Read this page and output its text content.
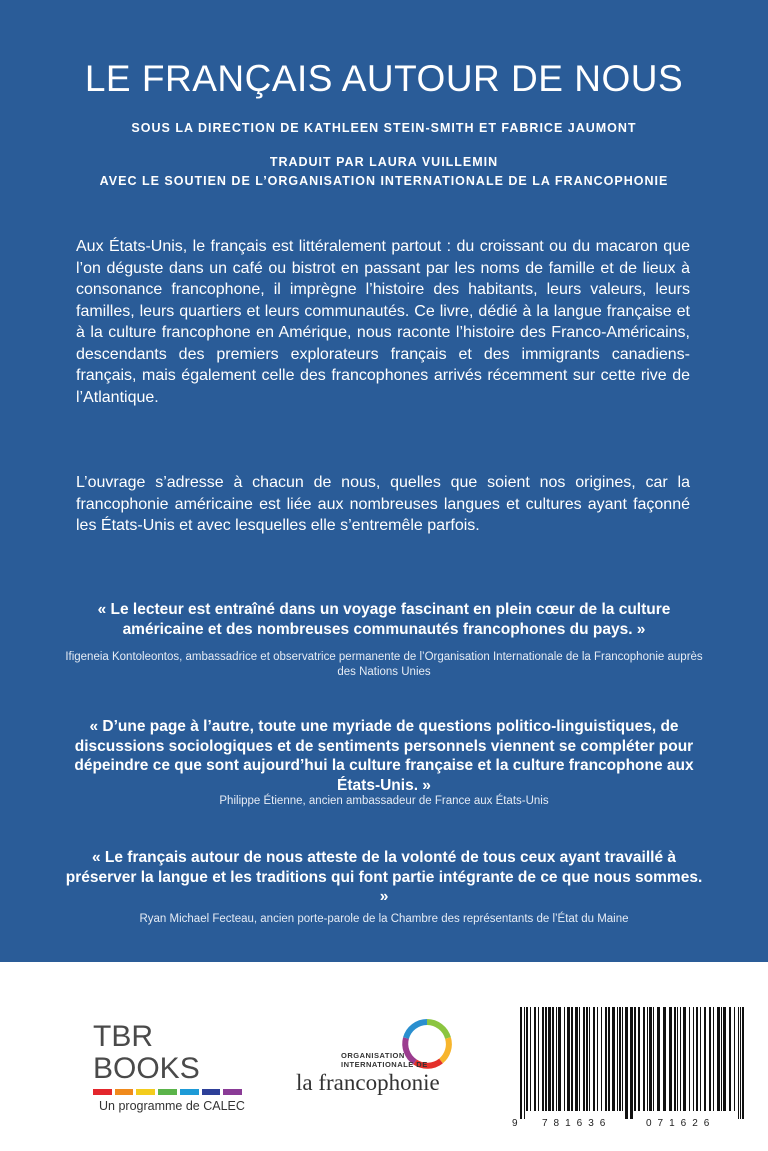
LE FRANÇAIS AUTOUR DE NOUS
SOUS LA DIRECTION DE KATHLEEN STEIN-SMITH ET FABRICE JAUMONT
TRADUIT PAR LAURA VUILLEMIN
AVEC LE SOUTIEN DE L’ORGANISATION INTERNATIONALE DE LA FRANCOPHONIE
Aux États-Unis, le français est littéralement partout : du croissant ou du macaron que l’on déguste dans un café ou bistrot en passant par les noms de famille et de lieux à consonance francophone, il imprègne l’histoire des habitants, leurs valeurs, leurs familles, leurs quartiers et leurs communautés. Ce livre, dédié à la langue française et à la culture francophone en Amérique, nous raconte l’histoire des Franco-Américains, descendants des premiers explorateurs français et des immigrants canadiens-français, mais également celle des francophones arrivés récemment sur cette rive de l’Atlantique.
L’ouvrage s’adresse à chacun de nous, quelles que soient nos origines, car la francophonie américaine est liée aux nombreuses langues et cultures ayant façonné les États-Unis et avec lesquelles elle s’entremêle parfois.
« Le lecteur est entraîné dans un voyage fascinant en plein cœur de la culture américaine et des nombreuses communautés francophones du pays. »
Ifigeneia Kontoleontos, ambassadrice et observatrice permanente de l’Organisation Internationale de la Francophonie auprès des Nations Unies
« D’une page à l’autre, toute une myriade de questions politico-linguistiques, de discussions sociologiques et de sentiments personnels viennent se compléter pour dépeindre ce que sont aujourd’hui la culture française et la culture francophone aux États-Unis. »
Philippe Étienne, ancien ambassadeur de France aux États-Unis
« Le français autour de nous atteste de la volonté de tous ceux ayant travaillé à préserver la langue et les traditions qui font partie intégrante de ce que nous sommes. »
Ryan Michael Fecteau, ancien porte-parole de la Chambre des représentants de l’État du Maine
TBR BOOKS
Un programme de CALEC
ORGANISATION
INTERNATIONALE DE
la francophonie
9 781636	071626
